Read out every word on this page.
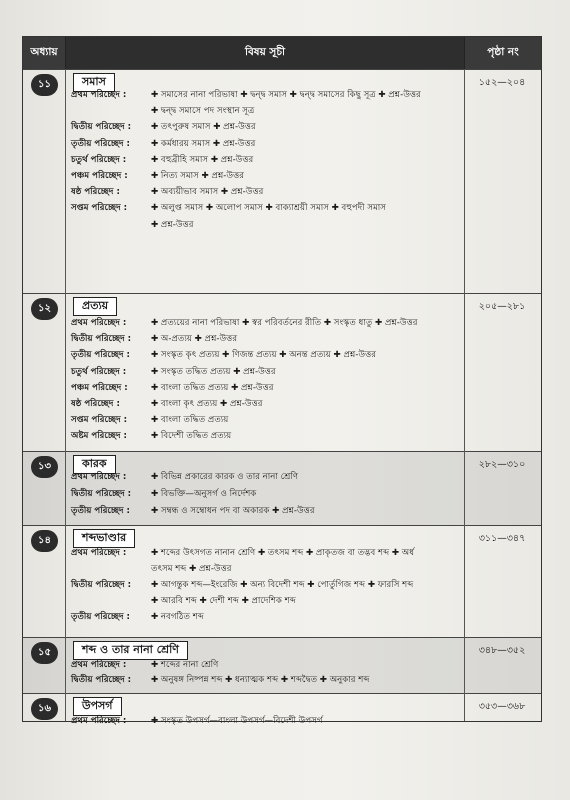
অধ্যায়	বিষয় সূচী	পৃষ্ঠা নং
১১	সমাস	১৫২—২০৪
প্রথম পরিচ্ছেদ :	✚ সমাসের নানা পরিভাষা ✚ দ্বন্দ্ব সমাস ✚ দ্বন্দ্ব সমাসের কিছু সূত্র ✚ প্রশ্ন-উত্তর
✚ দ্বন্দ্ব সমাসে পদ সংস্থান সূত্র
দ্বিতীয় পরিচ্ছেদ :	✚ তৎপুরুষ সমাস ✚ প্রশ্ন-উত্তর
তৃতীয় পরিচ্ছেদ :	✚ কর্মধারয় সমাস ✚ প্রশ্ন-উত্তর
চতুর্থ পরিচ্ছেদ :	✚ বহুব্রীহি সমাস ✚ প্রশ্ন-উত্তর
পঞ্চম পরিচ্ছেদ :	✚ নিত্য সমাস ✚ প্রশ্ন-উত্তর
ষষ্ঠ পরিচ্ছেদ :	✚ অব্যয়ীভাব সমাস ✚ প্রশ্ন-উত্তর
সপ্তম পরিচ্ছেদ :	✚ অলুপ্ত সমাস ✚ অলোপ সমাস ✚ বাক্যাশ্রয়ী সমাস ✚ বহুপদী সমাস
✚ প্রশ্ন-উত্তর
১২	প্রত্যয়	২০৫—২৮১
প্রথম পরিচ্ছেদ :	✚ প্রত্যয়ের নানা পরিভাষা ✚ স্বর পরিবর্তনের রীতি ✚ সংস্কৃত ধাতু ✚ প্রশ্ন-উত্তর
দ্বিতীয় পরিচ্ছেদ :	✚ অ-প্রত্যয় ✚ প্রশ্ন-উত্তর
তৃতীয় পরিচ্ছেদ :	✚ সংস্কৃত কৃৎ প্রত্যয় ✚ ণিজন্ত প্রত্যয় ✚ অনন্ত প্রত্যয় ✚ প্রশ্ন-উত্তর
চতুর্থ পরিচ্ছেদ :	✚ সংস্কৃত তদ্ধিত প্রত্যয় ✚ প্রশ্ন-উত্তর
পঞ্চম পরিচ্ছেদ :	✚ বাংলা তদ্ধিত প্রত্যয় ✚ প্রশ্ন-উত্তর
ষষ্ঠ পরিচ্ছেদ :	✚ বাংলা কৃৎ প্রত্যয় ✚ প্রশ্ন-উত্তর
সপ্তম পরিচ্ছেদ :	✚ বাংলা তদ্ধিত প্রত্যয়
অষ্টম পরিচ্ছেদ :	✚ বিদেশী তদ্ধিত প্রত্যয়
১৩	কারক	২৮২—৩১০
প্রথম পরিচ্ছেদ :	✚ বিভিন্ন প্রকারের কারক ও তার নানা শ্রেণি
দ্বিতীয় পরিচ্ছেদ :	✚ বিভক্তি—অনুসর্গ ও নির্দেশক
তৃতীয় পরিচ্ছেদ :	✚ সম্বন্ধ ও সম্বোধন পদ বা অকারক ✚ প্রশ্ন-উত্তর
১৪	শব্দভাণ্ডার	৩১১—৩৪৭
প্রথম পরিচ্ছেদ :	✚ শব্দের উৎসগত নানান শ্রেণি ✚ তৎসম শব্দ ✚ প্রাকৃতজ বা তদ্ভব শব্দ ✚ অর্ধ
তৎসম শব্দ ✚ প্রশ্ন-উত্তর
দ্বিতীয় পরিচ্ছেদ :	✚ আগন্তুক শব্দ—ইংরেজি ✚ অন্য বিদেশী শব্দ ✚ পোর্তুগিজ শব্দ ✚ ফারসি শব্দ
✚ আরবি শব্দ ✚ দেশী শব্দ ✚ প্রাদেশিক শব্দ
তৃতীয় পরিচ্ছেদ :	✚ নবগঠিত শব্দ
১৫	শব্দ ও তার নানা শ্রেণি	৩৪৮—৩৫২
প্রথম পরিচ্ছেদ :	✚ শব্দের নানা শ্রেণি
দ্বিতীয় পরিচ্ছেদ :	✚ অনুষঙ্গ নিষ্পন্ন শব্দ ✚ ধন্যাত্মক শব্দ ✚ শব্দদ্বৈত ✚ অনুকার শব্দ
১৬	উপসর্গ	৩৫৩—৩৬৮
প্রথম পরিচ্ছেদ :	✚ সংস্কৃত উপসর্গ—বাংলা উপসর্গ—বিদেশী উপসর্গ
